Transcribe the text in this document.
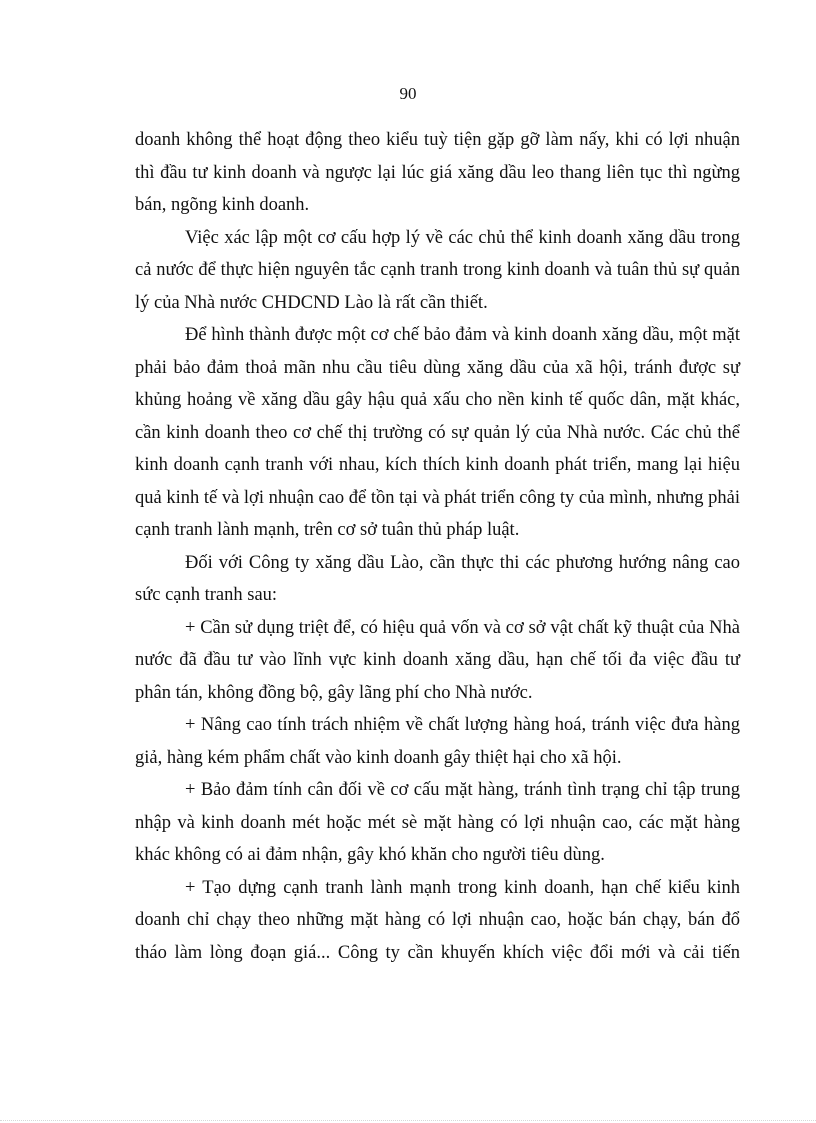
90

doanh không thể hoạt động theo kiểu tuỳ tiện gặp gỡ làm nấy, khi có lợi nhuận thì đầu tư kinh doanh và ngược lại lúc giá xăng dầu leo thang liên tục thì ngừng bán, ngõng kinh doanh.

Việc xác lập một cơ cấu hợp lý về các chủ thể kinh doanh xăng dầu trong cả nước để thực hiện nguyên tắc cạnh tranh trong kinh doanh và tuân thủ sự quản lý của Nhà nước CHDCND Lào là rất cần thiết.

Để hình thành được một cơ chế bảo đảm và kinh doanh xăng dầu, một mặt phải bảo đảm thoả mãn nhu cầu tiêu dùng xăng dầu của xã hội, tránh được sự khủng hoảng về xăng dầu gây hậu quả xấu cho nền kinh tế quốc dân, mặt khác, cần kinh doanh theo cơ chế thị trường có sự quản lý của Nhà nước. Các chủ thể kinh doanh cạnh tranh với nhau, kích thích kinh doanh phát triển, mang lại hiệu quả kinh tế và lợi nhuận cao để tồn tại và phát triển công ty của mình, nhưng phải cạnh tranh lành mạnh, trên cơ sở tuân thủ pháp luật.

Đối với Công ty xăng dầu Lào, cần thực thi các phương hướng nâng cao sức cạnh tranh sau:

+ Cần sử dụng triệt để, có hiệu quả vốn và cơ sở vật chất kỹ thuật của Nhà nước đã đầu tư vào lĩnh vực kinh doanh xăng dầu, hạn chế tối đa việc đầu tư phân tán, không đồng bộ, gây lãng phí cho Nhà nước.

+ Nâng cao tính trách nhiệm về chất lượng hàng hoá, tránh việc đưa hàng giả, hàng kém phẩm chất vào kinh doanh gây thiệt hại cho xã hội.

+ Bảo đảm tính cân đối về cơ cấu mặt hàng, tránh tình trạng chỉ tập trung nhập và kinh doanh mét hoặc mét sè mặt hàng có lợi nhuận cao, các mặt hàng khác không có ai đảm nhận, gây khó khăn cho người tiêu dùng.

+ Tạo dựng cạnh tranh lành mạnh trong kinh doanh, hạn chế kiểu kinh doanh chỉ chạy theo những mặt hàng có lợi nhuận cao, hoặc bán chạy, bán đổ tháo làm lòng đoạn giá... Công ty cần khuyến khích việc đổi mới và cải tiến
